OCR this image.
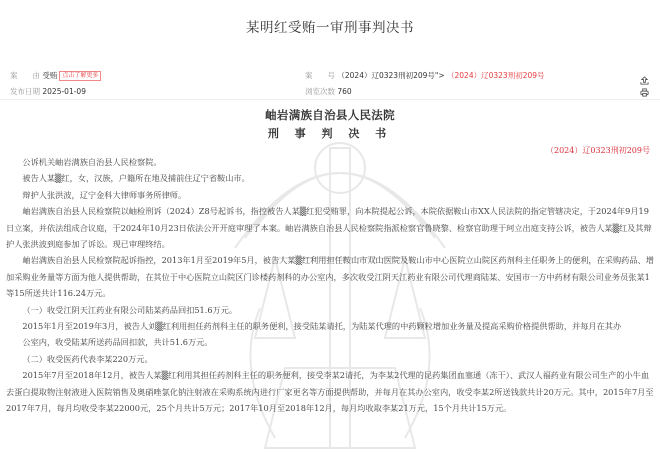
某明红受贿一审刑事判决书
案　　由 受贿 点击了解更多
发布日期 2025-01-09
案　　号 （2024）辽0323刑初209号"> （2024）辽0323刑初209号
浏览次数 760

岫岩满族自治县人民法院
刑 事 判 决 书
（2024）辽0323刑初209号

公诉机关岫岩满族自治县人民检察院。

被告人某▒红，女，汉族，户籍所在地及捕前住辽宁省鞍山市。

辩护人张洪波，辽宁金科大律师事务所律师。

岫岩满族自治县人民检察院以岫检刑诉（2024）Z8号起诉书，指控被告人某▒红犯受贿罪，向本院提起公诉，本院依据鞍山市XX人民法院的指定管辖决定，于2024年9月19日立案，并依法组成合议庭，于2024年10月23日依法公开开庭审理了本案。岫岩满族自治县人民检察院指派检察官鲁晓黎、检察官助理于珂立出庭支持公诉，被告人某▒红及其辩护人张洪波到庭参加了诉讼。现已审理终结。

岫岩满族自治县人民检察院起诉指控，2013年1月至2019年5月，被告人某▒红利用担任鞍山市双山医院及鞍山市中心医院立山院区药剂科主任职务上的便利，在采购药品、增加采购业务量等方面为他人提供帮助，在其位于中心医院立山院区门诊楼药剂科的办公室内，多次收受江阴天江药业有限公司代理商陆某、安国市一方中药材有限公司业务员张某1等15所送共计116.24万元。

（一）收受江阴天江药业有限公司陆某药品回扣51.6万元。

2015年1月至2019年3月，被告人刘▒红利用担任药剂科主任的职务便利，接受陆某请托，为陆某代理的中药颗粒增加业务量及提高采购价格提供帮助，并每月在其办

公室内，收受陆某所送药品回扣款，共计51.6万元。

（二）收受医药代表李某220万元。

2015年7月至2018年12月，被告人某▒红利用其担任药剂科主任的职务便利，接受李某2请托，为李某2代理的昆药集团血塞通（冻干）、武汉人福药业有限公司生产的小牛血去蛋白提取物注射液进入医院销售及奥硝唑氯化钠注射液在采购系统内进行厂家更名等方面提供帮助，并每月在其办公室内，收受李某2所送钱款共计20万元。其中，2015年7月至2017年7月，每月均收受李某22000元，25个月共计5万元；2017年10月至2018年12月，每月均收取李某21万元，15个月共计15万元。
